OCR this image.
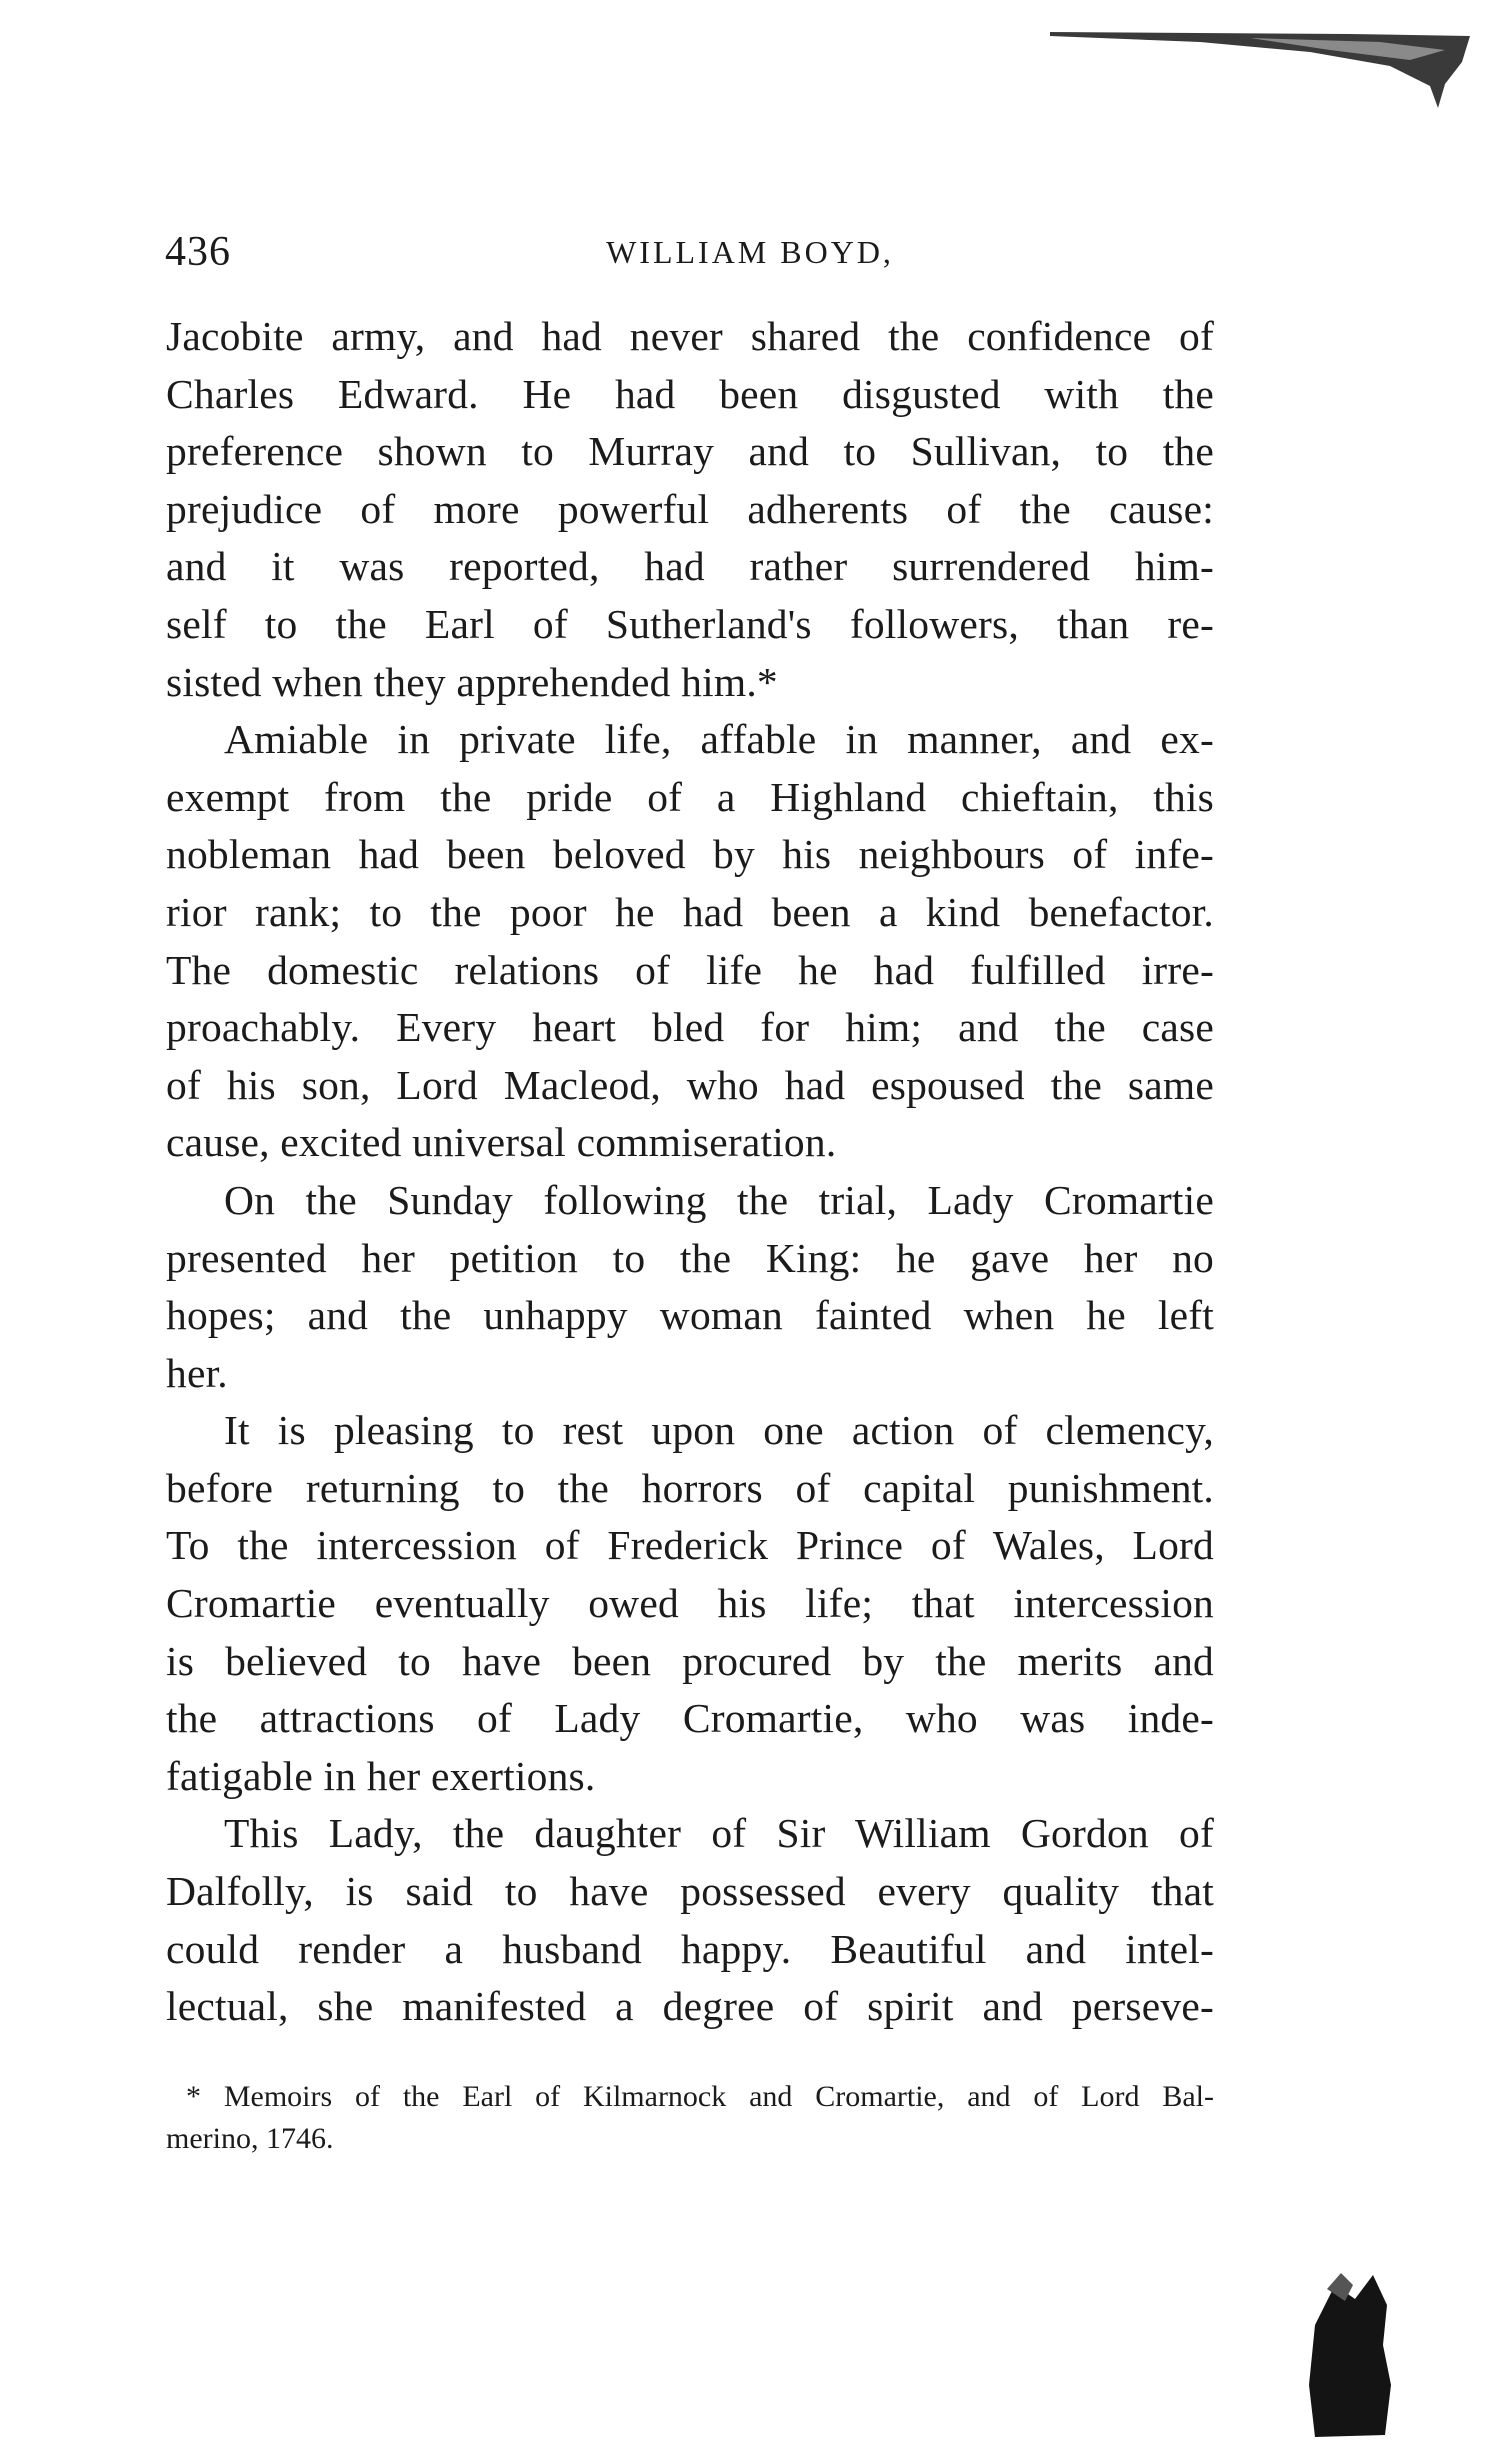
436	WILLIAM BOYD,
Jacobite army, and had never shared the confidence of
Charles Edward. He had been disgusted with the
preference shown to Murray and to Sullivan, to the
prejudice of more powerful adherents of the cause:
and it was reported, had rather surrendered him-
self to the Earl of Sutherland's followers, than re-
sisted when they apprehended him.*
Amiable in private life, affable in manner, and ex-
exempt from the pride of a Highland chieftain, this
nobleman had been beloved by his neighbours of infe-
rior rank; to the poor he had been a kind benefactor.
The domestic relations of life he had fulfilled irre-
proachably. Every heart bled for him; and the case
of his son, Lord Macleod, who had espoused the same
cause, excited universal commiseration.
On the Sunday following the trial, Lady Cromartie
presented her petition to the King: he gave her no
hopes; and the unhappy woman fainted when he left
her.
It is pleasing to rest upon one action of clemency,
before returning to the horrors of capital punishment.
To the intercession of Frederick Prince of Wales, Lord
Cromartie eventually owed his life; that intercession
is believed to have been procured by the merits and
the attractions of Lady Cromartie, who was inde-
fatigable in her exertions.
This Lady, the daughter of Sir William Gordon of
Dalfolly, is said to have possessed every quality that
could render a husband happy. Beautiful and intel-
lectual, she manifested a degree of spirit and perseve-
* Memoirs of the Earl of Kilmarnock and Cromartie, and of Lord Bal-
merino, 1746.
